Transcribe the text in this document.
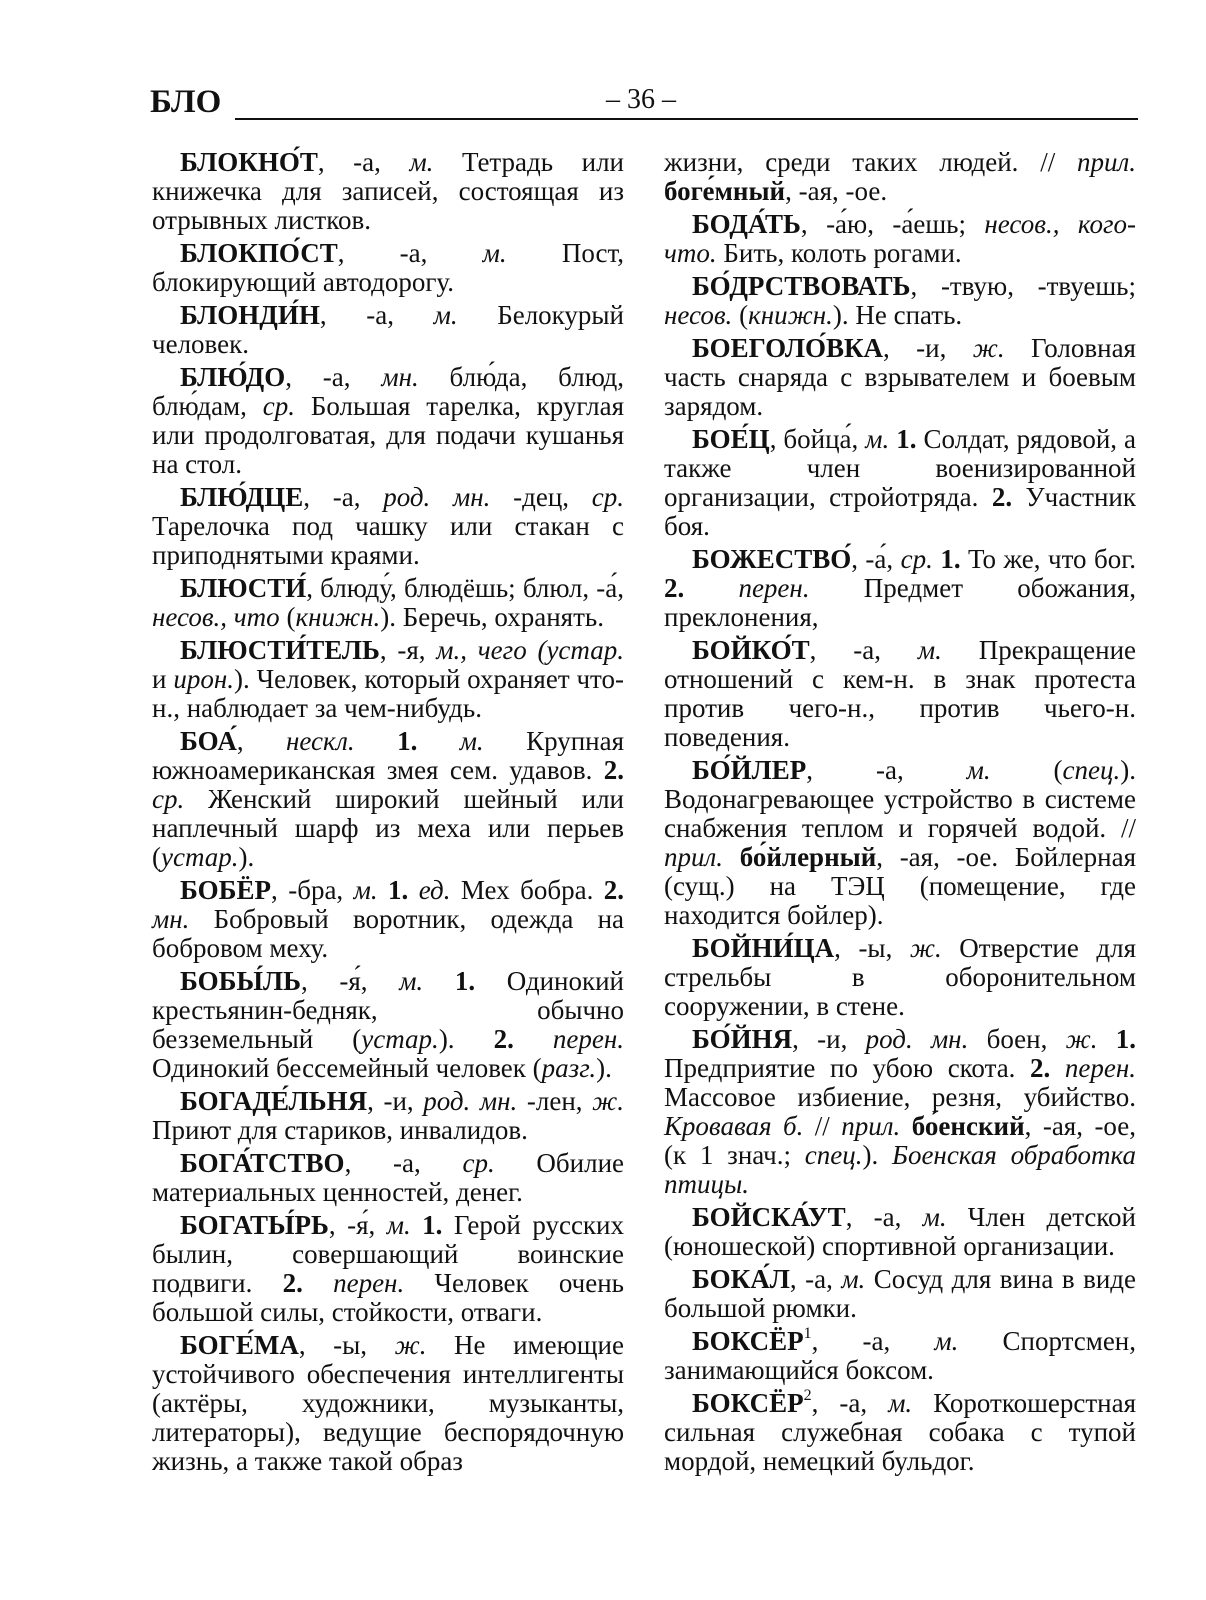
БЛО	– 36 –

БЛОКНО́Т, -а, м. Тетрадь или книжечка для записей, состоящая из отрывных листков.

БЛОКПО́СТ, -а, м. Пост, блокирующий автодорогу.

БЛОНДИ́Н, -а, м. Белокурый человек.

БЛЮ́ДО, -а, мн. блю́да, блюд, блю́дам, ср. Большая тарелка, круглая или продолговатая, для подачи кушанья на стол.

БЛЮ́ДЦЕ, -а, род. мн. -дец, ср. Тарелочка под чашку или стакан с приподнятыми краями.

БЛЮСТИ́, блюду́, блюдёшь; блюл, -а́, несов., что (книжн.). Беречь, охранять.

БЛЮСТИ́ТЕЛЬ, -я, м., чего (устар. и ирон.). Человек, который охраняет что-н., наблюдает за чем-нибудь.

БОА́, нескл. 1. м. Крупная южноамериканская змея сем. удавов. 2. ср. Женский широкий шейный или наплечный шарф из меха или перьев (устар.).

БОБЁР, -бра, м. 1. ед. Мех бобра. 2. мн. Бобровый воротник, одежда на бобровом меху.

БОБЫ́ЛЬ, -я́, м. 1. Одинокий крестьянин-бедняк, обычно безземельный (устар.). 2. перен. Одинокий бессемейный человек (разг.).

БОГАДЕ́ЛЬНЯ, -и, род. мн. -лен, ж. Приют для стариков, инвалидов.

БОГА́ТСТВО, -а, ср. Обилие материальных ценностей, денег.

БОГАТЫ́РЬ, -я́, м. 1. Герой русских былин, совершающий воинские подвиги. 2. перен. Человек очень большой силы, стойкости, отваги.

БОГЕ́МА, -ы, ж. Не имеющие устойчивого обеспечения интеллигенты (актёры, художники, музыканты, литераторы), ведущие беспорядочную жизнь, а также такой образ

жизни, среди таких людей. // прил. боге́мный, -ая, -ое.

БОДА́ТЬ, -а́ю, -а́ешь; несов., кого-что. Бить, колоть рогами.

БО́ДРСТВОВАТЬ, -твую, -твуешь; несов. (книжн.). Не спать.

БОЕГОЛО́ВКА, -и, ж. Головная часть снаряда с взрывателем и боевым зарядом.

БОЕ́Ц, бойца́, м. 1. Солдат, рядовой, а также член военизированной организации, стройотряда. 2. Участник боя.

БОЖЕСТВО́, -а́, ср. 1. То же, что бог. 2. перен. Предмет обожания, преклонения,

БОЙКО́Т, -а, м. Прекращение отношений с кем-н. в знак протеста против чего-н., против чьего-н. поведения.

БО́ЙЛЕР, -а, м. (спец.). Водонагревающее устройство в системе снабжения теплом и горячей водой. // прил. бо́йлерный, -ая, -ое. Бойлерная (сущ.) на ТЭЦ (помещение, где находится бойлер).

БОЙНИ́ЦА, -ы, ж. Отверстие для стрельбы в оборонительном сооружении, в стене.

БО́ЙНЯ, -и, род. мн. боен, ж. 1. Предприятие по убою скота. 2. перен. Массовое избиение, резня, убийство. Кровавая б. // прил. бо́енский, -ая, -ое, (к 1 знач.; спец.). Боенская обработка птицы.

БОЙСКА́УТ, -а, м. Член детской (юношеской) спортивной организации.

БОКА́Л, -а, м. Сосуд для вина в виде большой рюмки.

БОКСЁР$^1$, -а, м. Спортсмен, занимающийся боксом.

БОКСЁР$^2$, -а, м. Короткошерстная сильная служебная собака с тупой мордой, немецкий бульдог.
